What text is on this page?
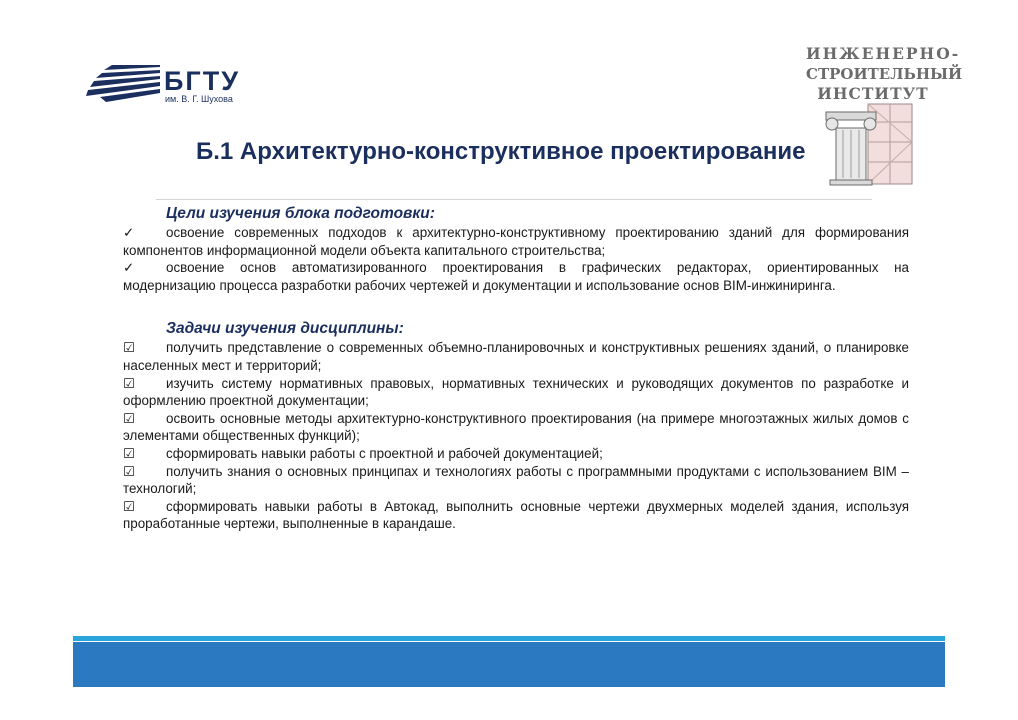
БГТУ
им. В. Г. Шухова
ИНЖЕНЕРНО-
СТРОИТЕЛЬНЫЙ
ИНСТИТУТ
Б.1 Архитектурно-конструктивное проектирование
Цели изучения блока подготовки:
✓	освоение современных подходов к архитектурно-конструктивному проектированию зданий для формирования компонентов информационной модели объекта капитального строительства;
✓	освоение основ автоматизированного проектирования в графических редакторах, ориентированных на модернизацию процесса разработки рабочих чертежей и документации и использование основ BIM-инжиниринга.
Задачи изучения дисциплины:
☑	получить представление о современных объемно-планировочных и конструктивных решениях зданий, о планировке населенных мест и территорий;
☑	изучить систему нормативных правовых, нормативных технических и руководящих документов по разработке и оформлению проектной документации;
☑	освоить основные методы архитектурно-конструктивного проектирования (на примере многоэтажных жилых домов с элементами общественных функций);
☑	сформировать навыки работы с проектной и рабочей документацией;
☑	получить знания о основных принципах и технологиях работы с программными продуктами с использованием BIM – технологий;
☑	сформировать навыки работы в Автокад, выполнить основные чертежи двухмерных моделей здания, используя проработанные чертежи, выполненные в карандаше.
